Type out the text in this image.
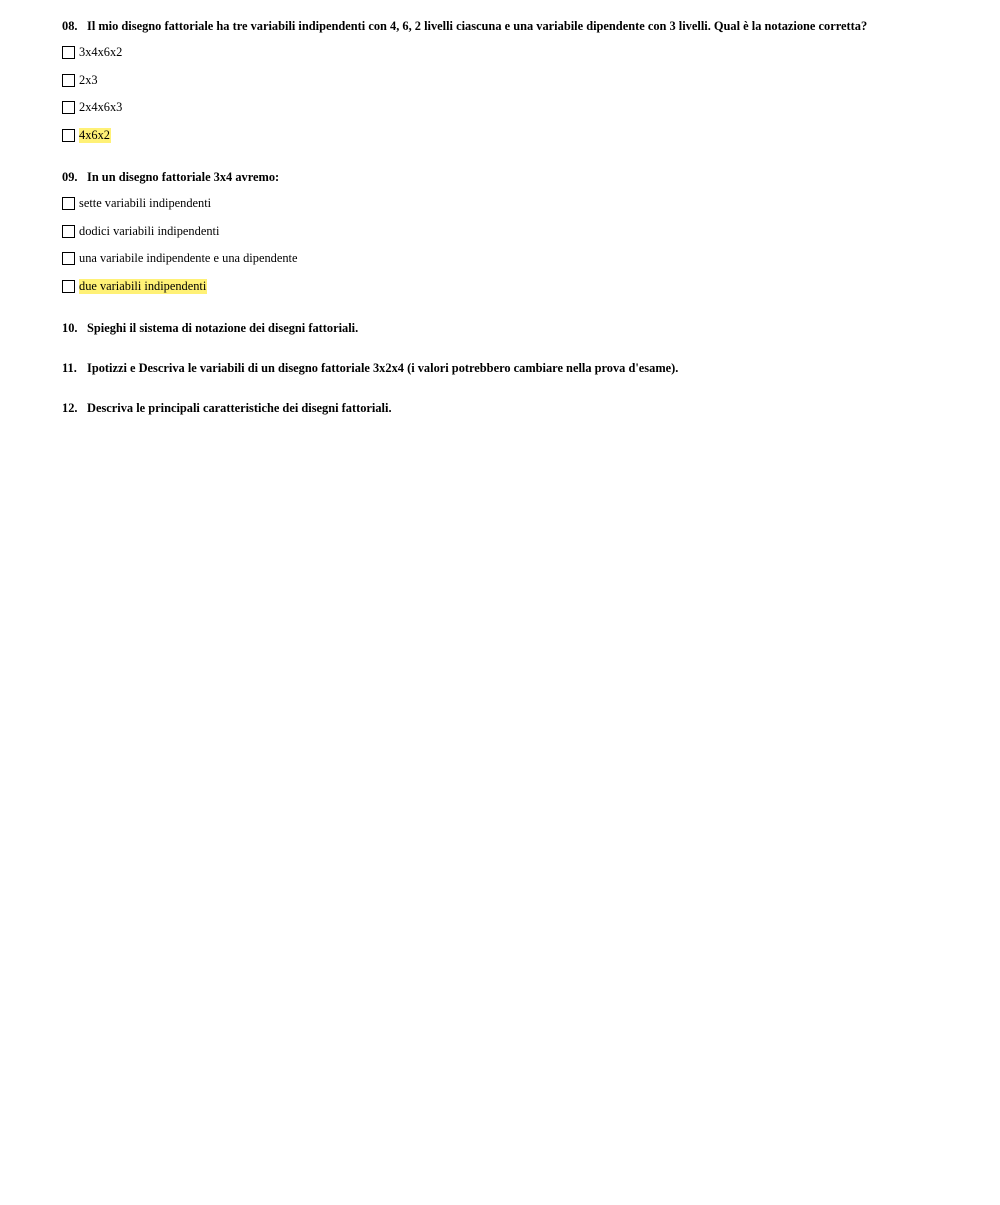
08. Il mio disegno fattoriale ha tre variabili indipendenti con 4, 6, 2 livelli ciascuna e una variabile dipendente con 3 livelli. Qual è la notazione corretta?
3x4x6x2
2x3
2x4x6x3
4x6x2
09. In un disegno fattoriale 3x4 avremo:
sette variabili indipendenti
dodici variabili indipendenti
una variabile indipendente e una dipendente
due variabili indipendenti
10. Spieghi il sistema di notazione dei disegni fattoriali.
11. Ipotizzi e Descriva le variabili di un disegno fattoriale 3x2x4 (i valori potrebbero cambiare nella prova d'esame).
12. Descriva le principali caratteristiche dei disegni fattoriali.
